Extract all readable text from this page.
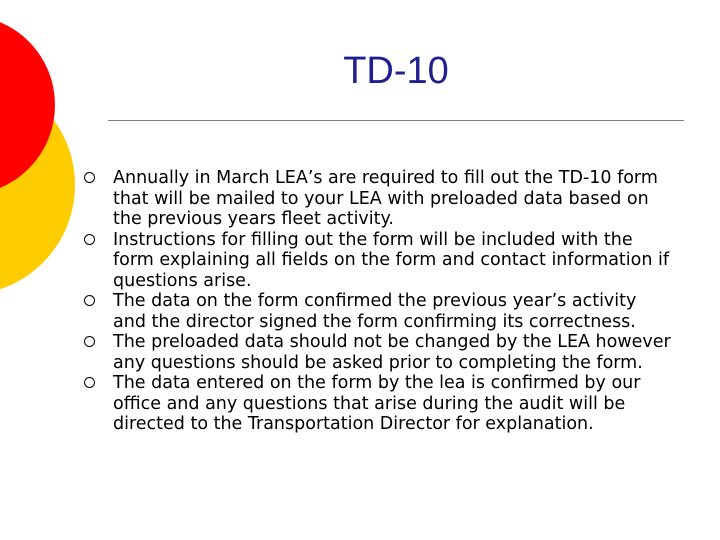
TD-10
Annually in March LEA’s are required to fill out the TD-10 form that will be mailed to your LEA with preloaded data based on the previous years fleet activity.
Instructions for filling out the form will be included with the form explaining all fields on the form and contact information if questions arise.
The data on the form confirmed the previous year’s activity and the director signed the form confirming its correctness.
The preloaded data should not be changed by the LEA however any questions should be asked prior to completing the form.
The data entered on the form by the lea is confirmed by our office and any questions that arise during the audit will be directed to the Transportation Director for explanation.
